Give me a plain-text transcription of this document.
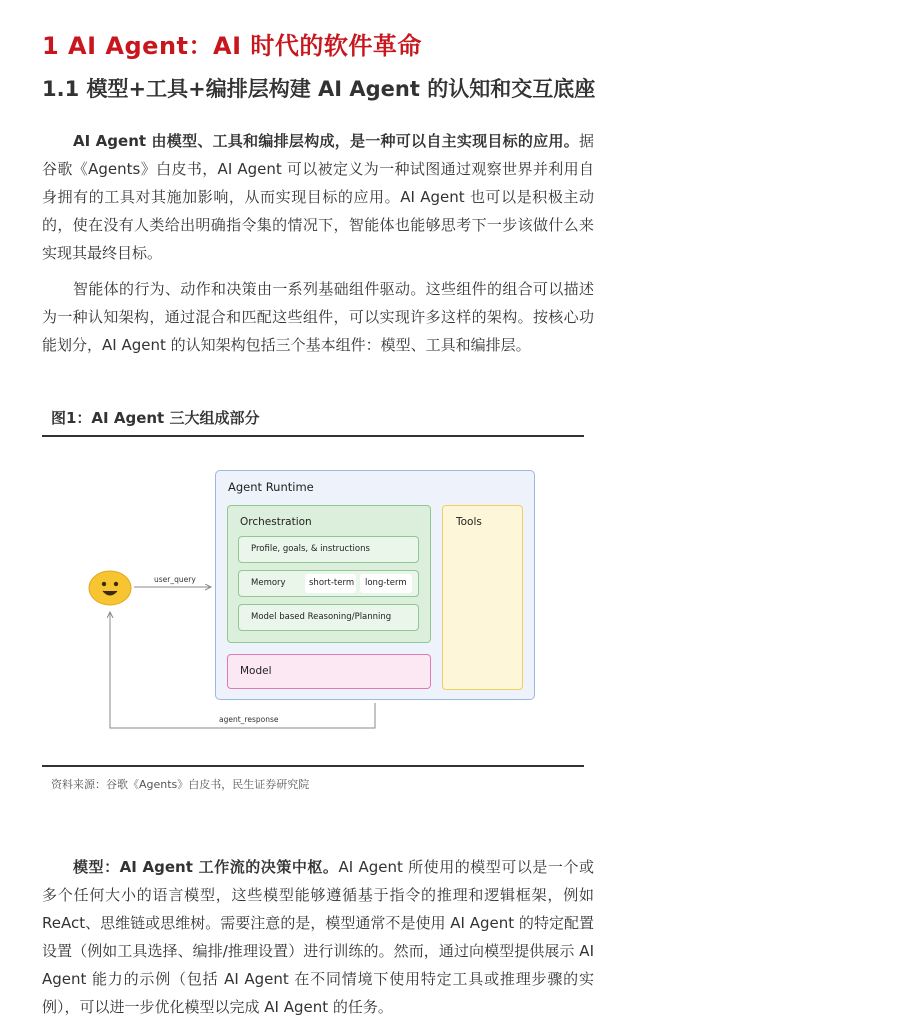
1 AI Agent：AI 时代的软件革命
1.1 模型+工具+编排层构建 AI Agent 的认知和交互底座

AI Agent 由模型、工具和编排层构成，是一种可以自主实现目标的应用。据谷歌《Agents》白皮书，AI Agent 可以被定义为一种试图通过观察世界并利用自身拥有的工具对其施加影响，从而实现目标的应用。AI Agent 也可以是积极主动的，使在没有人类给出明确指令集的情况下，智能体也能够思考下一步该做什么来实现其最终目标。

智能体的行为、动作和决策由一系列基础组件驱动。这些组件的组合可以描述为一种认知架构，通过混合和匹配这些组件，可以实现许多这样的架构。按核心功能划分，AI Agent 的认知架构包括三个基本组件：模型、工具和编排层。

图1：AI Agent 三大组成部分

Agent Runtime
Orchestration
Profile, goals, & instructions
Memory	short-term long-term
Model based Reasoning/Planning
Model
Tools
user_query
agent_response

资料来源：谷歌《Agents》白皮书，民生证券研究院

模型：AI Agent 工作流的决策中枢。AI Agent 所使用的模型可以是一个或多个任何大小的语言模型，这些模型能够遵循基于指令的推理和逻辑框架，例如 ReAct、思维链或思维树。需要注意的是，模型通常不是使用 AI Agent 的特定配置设置（例如工具选择、编排/推理设置）进行训练的。然而，通过向模型提供展示 AI Agent 能力的示例（包括 AI Agent 在不同情境下使用特定工具或推理步骤的实例），可以进一步优化模型以完成 AI Agent 的任务。
